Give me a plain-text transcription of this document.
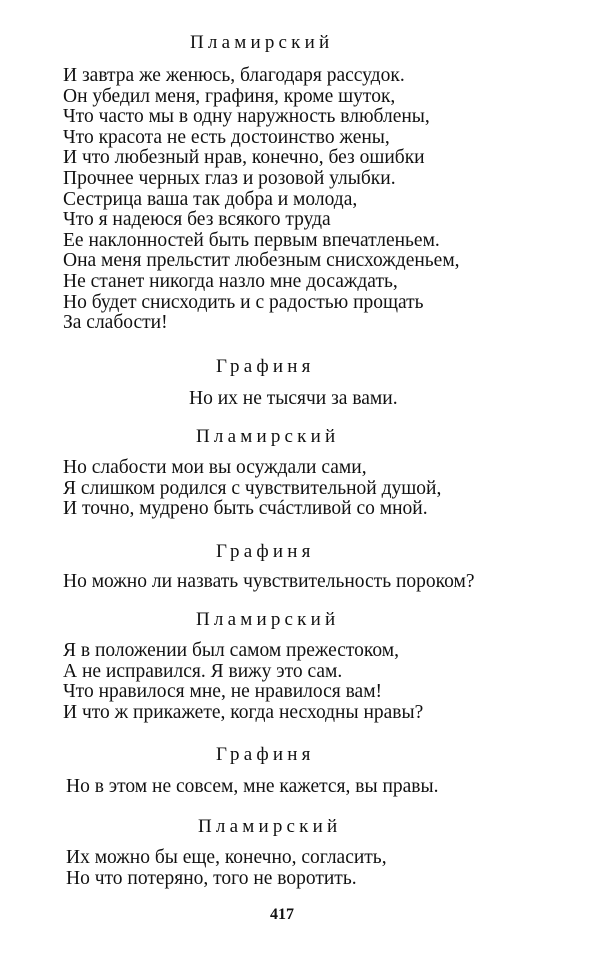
Пламирский
И завтра же женюсь, благодаря рассудок.
Он убедил меня, графиня, кроме шуток,
Что часто мы в одну наружность влюблены,
Что красота не есть достоинство жены,
И что любезный нрав, конечно, без ошибки
Прочнее черных глаз и розовой улыбки.
Сестрица ваша так добра и молода,
Что я надеюся без всякого труда
Ее наклонностей быть первым впечатленьем.
Она меня прельстит любезным снисхожденьем,
Не станет никогда назло мне досаждать,
Но будет снисходить и с радостью прощать
За слабости!
Графиня
Но их не тысячи за вами.
Пламирский
Но слабости мои вы осуждали сами,
Я слишком родился с чувствительной душой,
И точно, мудрено быть счáстливой со мной.
Графиня
Но можно ли назвать чувствительность пороком?
Пламирский
Я в положении был самом прежестоком,
А не исправился. Я вижу это сам.
Что нравилося мне, не нравилося вам!
И что ж прикажете, когда несходны нравы?
Графиня
Но в этом не совсем, мне кажется, вы правы.
Пламирский
Их можно бы еще, конечно, согласить,
Но что потеряно, того не воротить.
417
